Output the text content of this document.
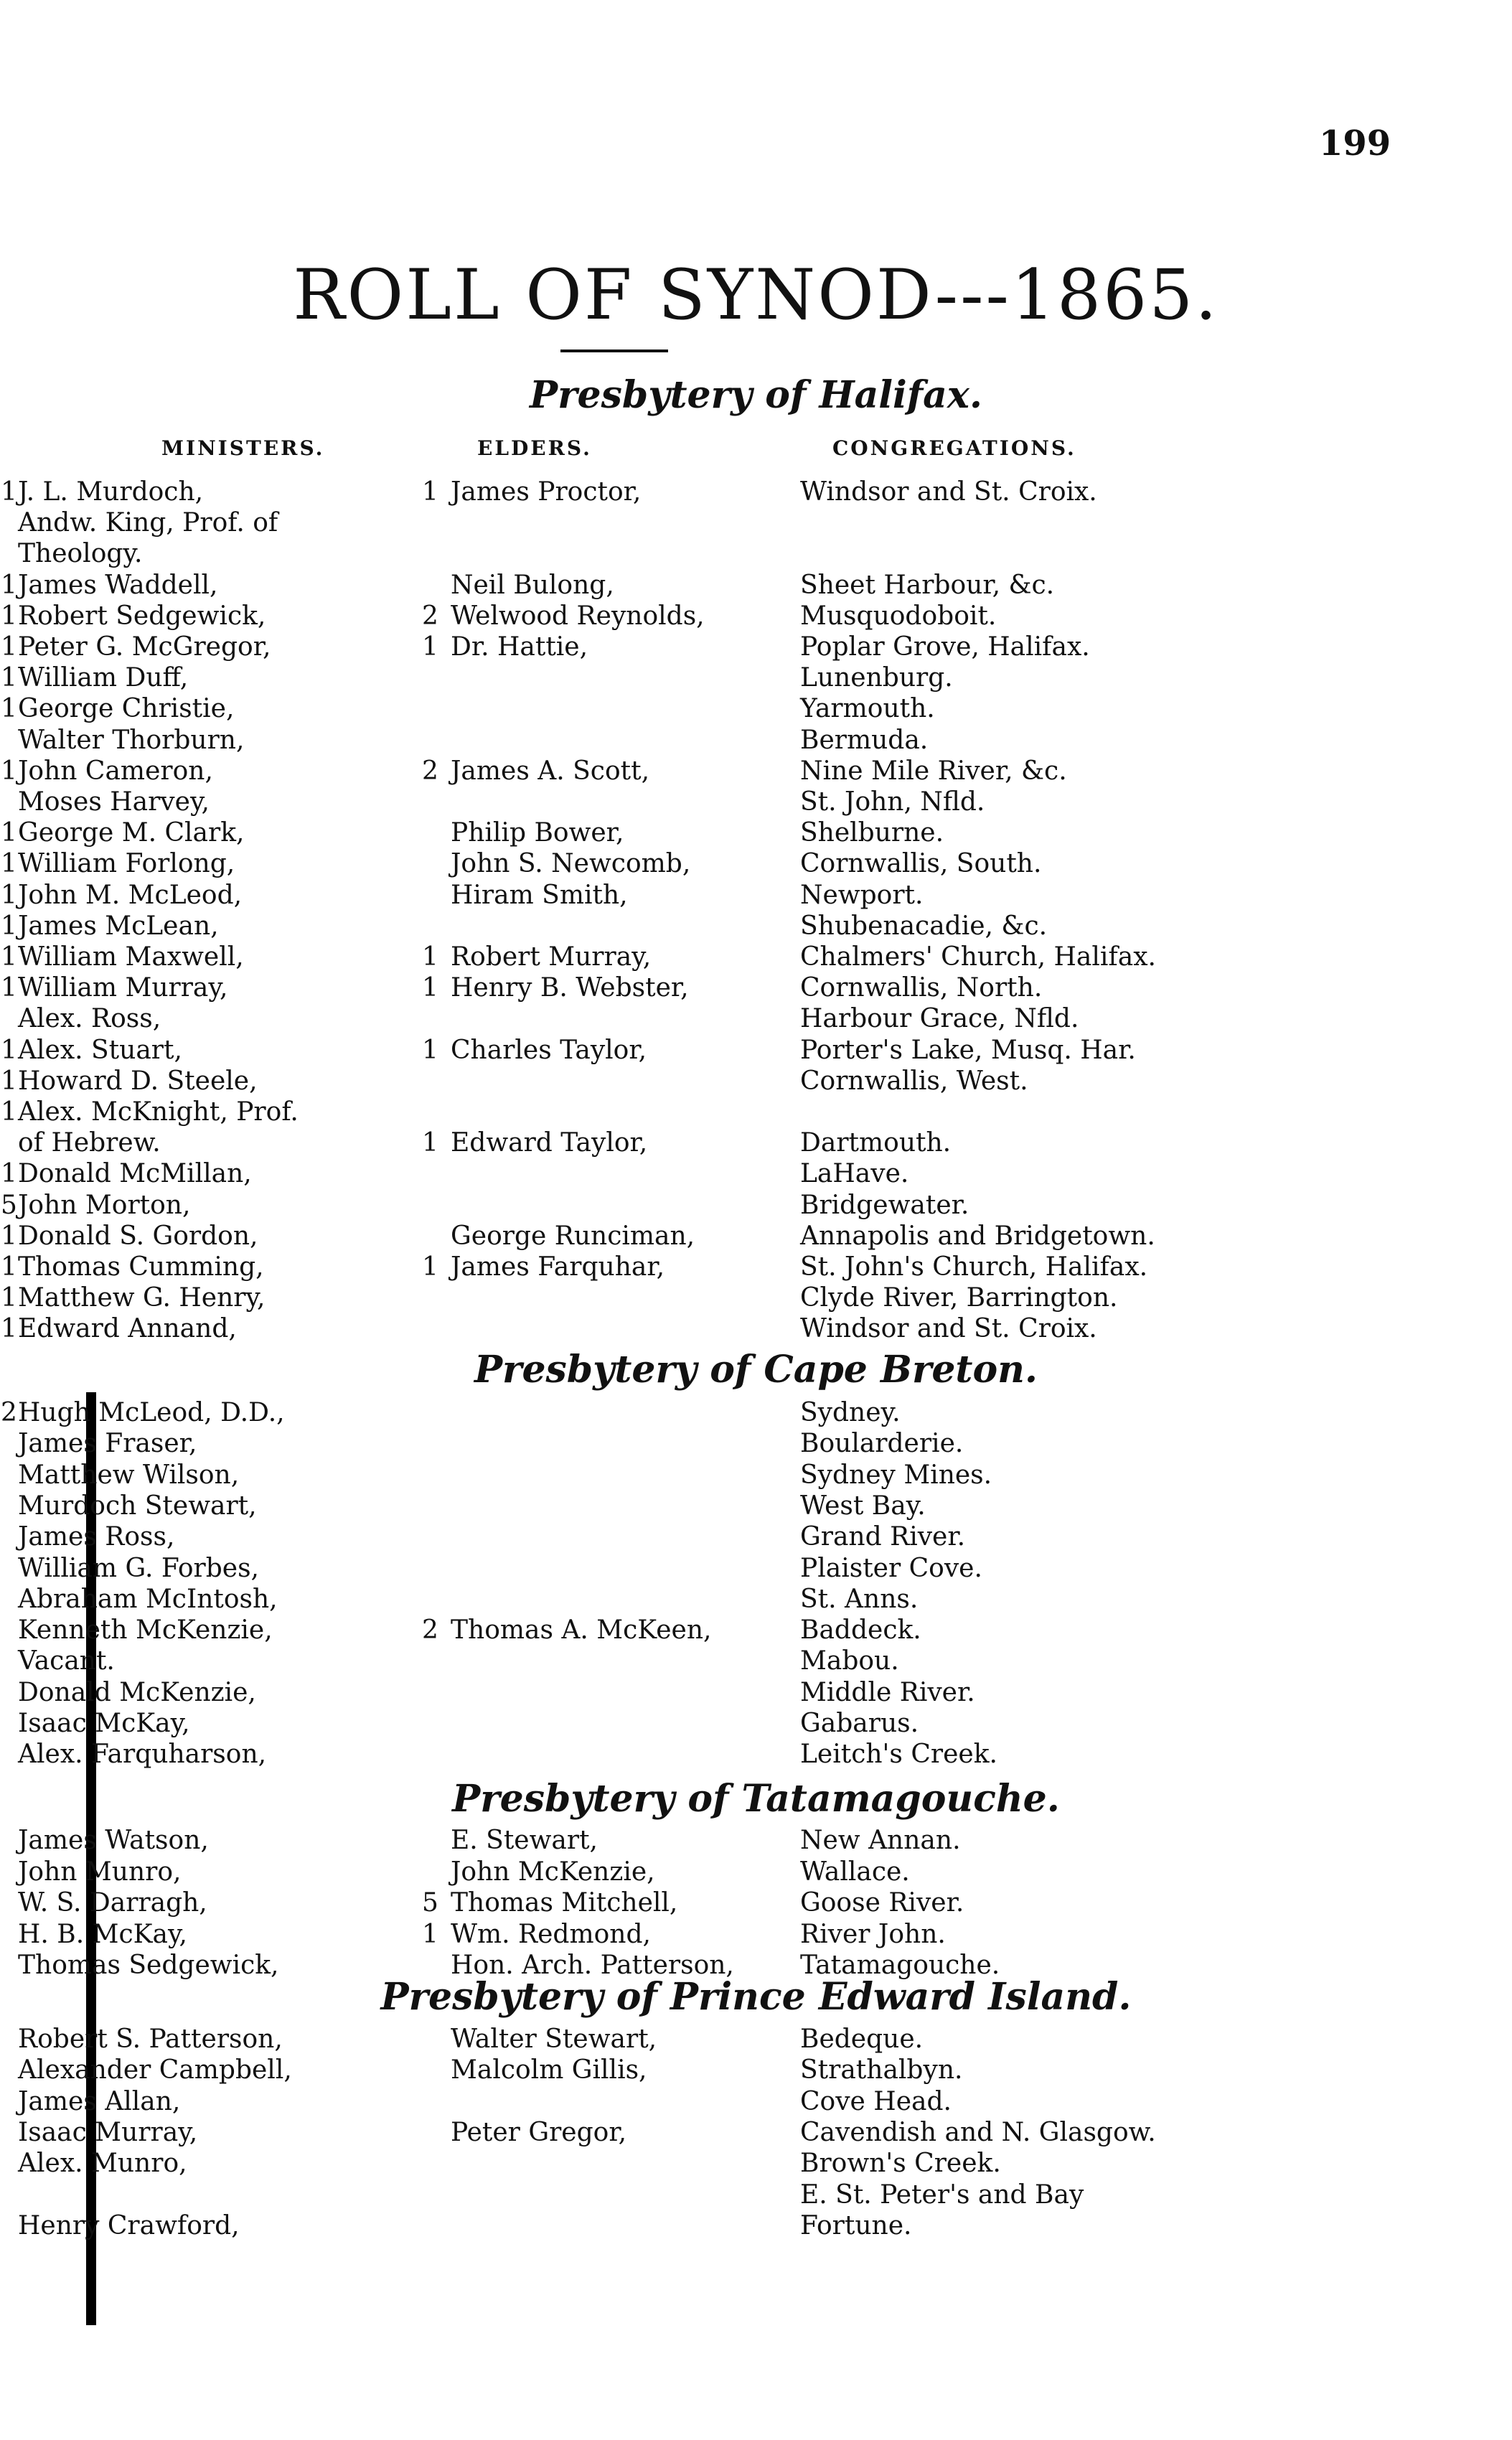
199
ROLL OF SYNOD---1865.
MINISTERS.	ELDERS.	CONGREGATIONS.
Presbytery of Halifax.
1 J. L. Murdoch,	1 James Proctor,	Windsor and St. Croix.
Andw. King, Prof. of
Theology.
1 James Waddell,	Neil Bulong,	Sheet Harbour, &c.
1 Robert Sedgewick,	2 Welwood Reynolds,	Musquodoboit.
1 Peter G. McGregor,	1 Dr. Hattie,	Poplar Grove, Halifax.
1 William Duff,	Lunenburg.
1 George Christie,	Yarmouth.
Walter Thorburn,	Bermuda.
1 John Cameron,	2 James A. Scott,	Nine Mile River, &c.
Moses Harvey,	St. John, Nfld.
1 George M. Clark,	Philip Bower,	Shelburne.
1 William Forlong,	John S. Newcomb,	Cornwallis, South.
1 John M. McLeod,	Hiram Smith,	Newport.
1 James McLean,	Shubenacadie, &c.
1 William Maxwell,	1 Robert Murray,	Chalmers' Church, Halifax.
1 William Murray,	1 Henry B. Webster,	Cornwallis, North.
Alex. Ross,	Harbour Grace, Nfld.
1 Alex. Stuart,	1 Charles Taylor,	Porter's Lake, Musq. Har.
1 Howard D. Steele,	Cornwallis, West.
1 Alex. McKnight, Prof.
of Hebrew.	1 Edward Taylor,	Dartmouth.
1 Donald McMillan,	LaHave.
5 John Morton,	Bridgewater.
1 Donald S. Gordon,	George Runciman,	Annapolis and Bridgetown.
1 Thomas Cumming,	1 James Farquhar,	St. John's Church, Halifax.
1 Matthew G. Henry,	Clyde River, Barrington.
1 Edward Annand,	Windsor and St. Croix.
Presbytery of Cape Breton.
2 Hugh McLeod, D.D.,	Sydney.
James Fraser,	Boularderie.
Matthew Wilson,	Sydney Mines.
Murdoch Stewart,	West Bay.
James Ross,	Grand River.
William G. Forbes,	Plaister Cove.
Abraham McIntosh,	St. Anns.
Kenneth McKenzie,	2 Thomas A. McKeen,	Baddeck.
Vacant.	Mabou.
Donald McKenzie,	Middle River.
Isaac McKay,	Gabarus.
Alex. Farquharson,	Leitch's Creek.
Presbytery of Tatamagouche.
James Watson,	E. Stewart,	New Annan.
John Munro,	John McKenzie,	Wallace.
W. S. Darragh,	5 Thomas Mitchell,	Goose River.
H. B. McKay,	1 Wm. Redmond,	River John.
Thomas Sedgewick,	Hon. Arch. Patterson,	Tatamagouche.
Presbytery of Prince Edward Island.
Robert S. Patterson,	Walter Stewart,	Bedeque.
Alexander Campbell,	Malcolm Gillis,	Strathalbyn.
James Allan,	Cove Head.
Isaac Murray,	Peter Gregor,	Cavendish and N. Glasgow.
Alex. Munro,	Brown's Creek.
E. St. Peter's and Bay
Henry Crawford,	Fortune.
